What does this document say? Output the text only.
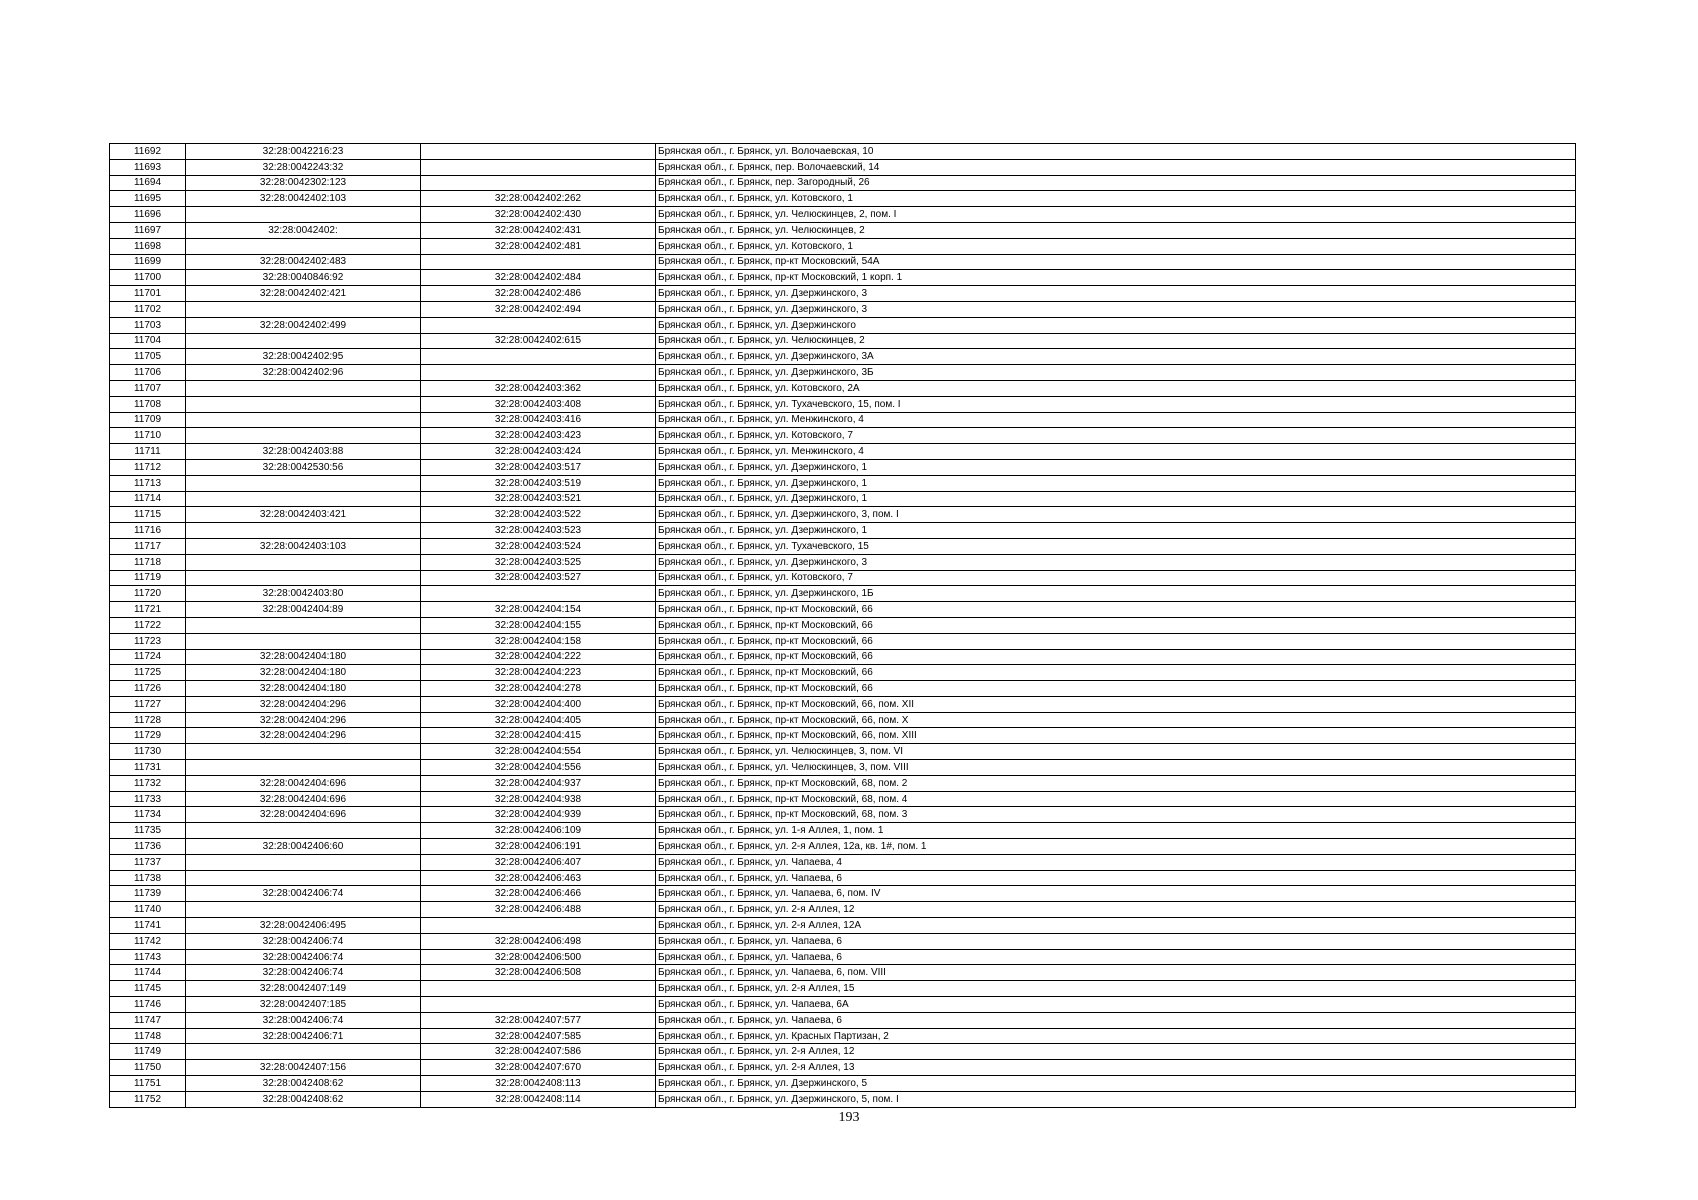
11692	32:28:0042216:23		Брянская обл., г. Брянск, ул. Волочаевская, 10
11693	32:28:0042243:32		Брянская обл., г. Брянск, пер. Волочаевский, 14
11694	32:28:0042302:123		Брянская обл., г. Брянск, пер. Загородный, 26
11695	32:28:0042402:103	32:28:0042402:262	Брянская обл., г. Брянск, ул. Котовского, 1
11696		32:28:0042402:430	Брянская обл., г. Брянск, ул. Челюскинцев, 2, пом. I
11697	32:28:0042402:	32:28:0042402:431	Брянская обл., г. Брянск, ул. Челюскинцев, 2
11698		32:28:0042402:481	Брянская обл., г. Брянск, ул. Котовского, 1
11699	32:28:0042402:483		Брянская обл., г. Брянск, пр-кт Московский, 54А
11700	32:28:0040846:92	32:28:0042402:484	Брянская обл., г. Брянск, пр-кт Московский, 1 корп. 1
11701	32:28:0042402:421	32:28:0042402:486	Брянская обл., г. Брянск, ул. Дзержинского, 3
11702		32:28:0042402:494	Брянская обл., г. Брянск, ул. Дзержинского, 3
11703	32:28:0042402:499		Брянская обл., г. Брянск, ул. Дзержинского
11704		32:28:0042402:615	Брянская обл., г. Брянск, ул. Челюскинцев, 2
11705	32:28:0042402:95		Брянская обл., г. Брянск, ул. Дзержинского, 3А
11706	32:28:0042402:96		Брянская обл., г. Брянск, ул. Дзержинского, 3Б
11707		32:28:0042403:362	Брянская обл., г. Брянск, ул. Котовского, 2А
11708		32:28:0042403:408	Брянская обл., г. Брянск, ул. Тухачевского, 15, пом. I
11709		32:28:0042403:416	Брянская обл., г. Брянск, ул. Менжинского, 4
11710		32:28:0042403:423	Брянская обл., г. Брянск, ул. Котовского, 7
11711	32:28:0042403:88	32:28:0042403:424	Брянская обл., г. Брянск, ул. Менжинского, 4
11712	32:28:0042530:56	32:28:0042403:517	Брянская обл., г. Брянск, ул. Дзержинского, 1
11713		32:28:0042403:519	Брянская обл., г. Брянск, ул. Дзержинского, 1
11714		32:28:0042403:521	Брянская обл., г. Брянск, ул. Дзержинского, 1
11715	32:28:0042403:421	32:28:0042403:522	Брянская обл., г. Брянск, ул. Дзержинского, 3, пом. I
11716		32:28:0042403:523	Брянская обл., г. Брянск, ул. Дзержинского, 1
11717	32:28:0042403:103	32:28:0042403:524	Брянская обл., г. Брянск, ул. Тухачевского, 15
11718		32:28:0042403:525	Брянская обл., г. Брянск, ул. Дзержинского, 3
11719		32:28:0042403:527	Брянская обл., г. Брянск, ул. Котовского, 7
11720	32:28:0042403:80		Брянская обл., г. Брянск, ул. Дзержинского, 1Б
11721	32:28:0042404:89	32:28:0042404:154	Брянская обл., г. Брянск, пр-кт Московский, 66
11722		32:28:0042404:155	Брянская обл., г. Брянск, пр-кт Московский, 66
11723		32:28:0042404:158	Брянская обл., г. Брянск, пр-кт Московский, 66
11724	32:28:0042404:180	32:28:0042404:222	Брянская обл., г. Брянск, пр-кт Московский, 66
11725	32:28:0042404:180	32:28:0042404:223	Брянская обл., г. Брянск, пр-кт Московский, 66
11726	32:28:0042404:180	32:28:0042404:278	Брянская обл., г. Брянск, пр-кт Московский, 66
11727	32:28:0042404:296	32:28:0042404:400	Брянская обл., г. Брянск, пр-кт Московский, 66, пом. XII
11728	32:28:0042404:296	32:28:0042404:405	Брянская обл., г. Брянск, пр-кт Московский, 66, пом. X
11729	32:28:0042404:296	32:28:0042404:415	Брянская обл., г. Брянск, пр-кт Московский, 66, пом. XIII
11730		32:28:0042404:554	Брянская обл., г. Брянск, ул. Челюскинцев, 3, пом. VI
11731		32:28:0042404:556	Брянская обл., г. Брянск, ул. Челюскинцев, 3, пом. VIII
11732	32:28:0042404:696	32:28:0042404:937	Брянская обл., г. Брянск, пр-кт Московский, 68, пом. 2
11733	32:28:0042404:696	32:28:0042404:938	Брянская обл., г. Брянск, пр-кт Московский, 68, пом. 4
11734	32:28:0042404:696	32:28:0042404:939	Брянская обл., г. Брянск, пр-кт Московский, 68, пом. 3
11735		32:28:0042406:109	Брянская обл., г. Брянск, ул. 1-я Аллея, 1, пом. 1
11736	32:28:0042406:60	32:28:0042406:191	Брянская обл., г. Брянск, ул. 2-я Аллея, 12а, кв. 1#, пом. 1
11737		32:28:0042406:407	Брянская обл., г. Брянск, ул. Чапаева, 4
11738		32:28:0042406:463	Брянская обл., г. Брянск, ул. Чапаева, 6
11739	32:28:0042406:74	32:28:0042406:466	Брянская обл., г. Брянск, ул. Чапаева, 6, пом. IV
11740		32:28:0042406:488	Брянская обл., г. Брянск, ул. 2-я Аллея, 12
11741	32:28:0042406:495		Брянская обл., г. Брянск, ул. 2-я Аллея, 12А
11742	32:28:0042406:74	32:28:0042406:498	Брянская обл., г. Брянск, ул. Чапаева, 6
11743	32:28:0042406:74	32:28:0042406:500	Брянская обл., г. Брянск, ул. Чапаева, 6
11744	32:28:0042406:74	32:28:0042406:508	Брянская обл., г. Брянск, ул. Чапаева, 6, пом. VIII
11745	32:28:0042407:149		Брянская обл., г. Брянск, ул. 2-я Аллея, 15
11746	32:28:0042407:185		Брянская обл., г. Брянск, ул. Чапаева, 6А
11747	32:28:0042406:74	32:28:0042407:577	Брянская обл., г. Брянск, ул. Чапаева, 6
11748	32:28:0042406:71	32:28:0042407:585	Брянская обл., г. Брянск, ул. Красных Партизан, 2
11749		32:28:0042407:586	Брянская обл., г. Брянск, ул. 2-я Аллея, 12
11750	32:28:0042407:156	32:28:0042407:670	Брянская обл., г. Брянск, ул. 2-я Аллея, 13
11751	32:28:0042408:62	32:28:0042408:113	Брянская обл., г. Брянск, ул. Дзержинского, 5
11752	32:28:0042408:62	32:28:0042408:114	Брянская обл., г. Брянск, ул. Дзержинского, 5, пом. I
193
